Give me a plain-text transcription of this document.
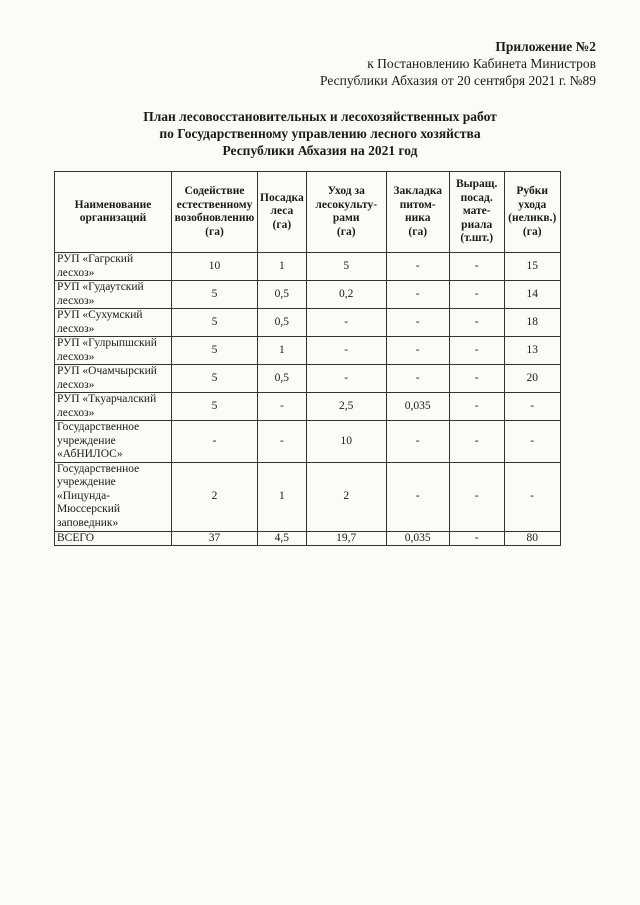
Приложение №2
к Постановлению Кабинета Министров
Республики Абхазия от 20 сентября 2021 г. №89
План лесовосстановительных и лесохозяйственных работ
по Государственному управлению лесного хозяйства
Республики Абхазия на 2021 год
Наименование
организаций	Содействие
естественному
возобновлению
(га)	Посадка
леса
(га)	Уход за
лесокульту-
рами
(га)	Закладка
питом-
ника
(га)	Выращ.
посад.
мате-
риала
(т.шт.)	Рубки
ухода
(неликв.)
(га)
РУП «Гагрский
лесхоз»	10	1	5	-	-	15
РУП «Гудаутский
лесхоз»	5	0,5	0,2	-	-	14
РУП «Сухумский
лесхоз»	5	0,5	-	-	-	18
РУП «Гулрыпшский
лесхоз»	5	1	-	-	-	13
РУП «Очамчырский
лесхоз»	5	0,5	-	-	-	20
РУП «Ткуарчалский
лесхоз»	5	-	2,5	0,035	-	-
Государственное
учреждение
«АбНИЛОС»	-	-	10	-	-	-
Государственное
учреждение
«Пицунда-
Мюссерский
заповедник»	2	1	2	-	-	-
ВСЕГО	37	4,5	19,7	0,035	-	80
